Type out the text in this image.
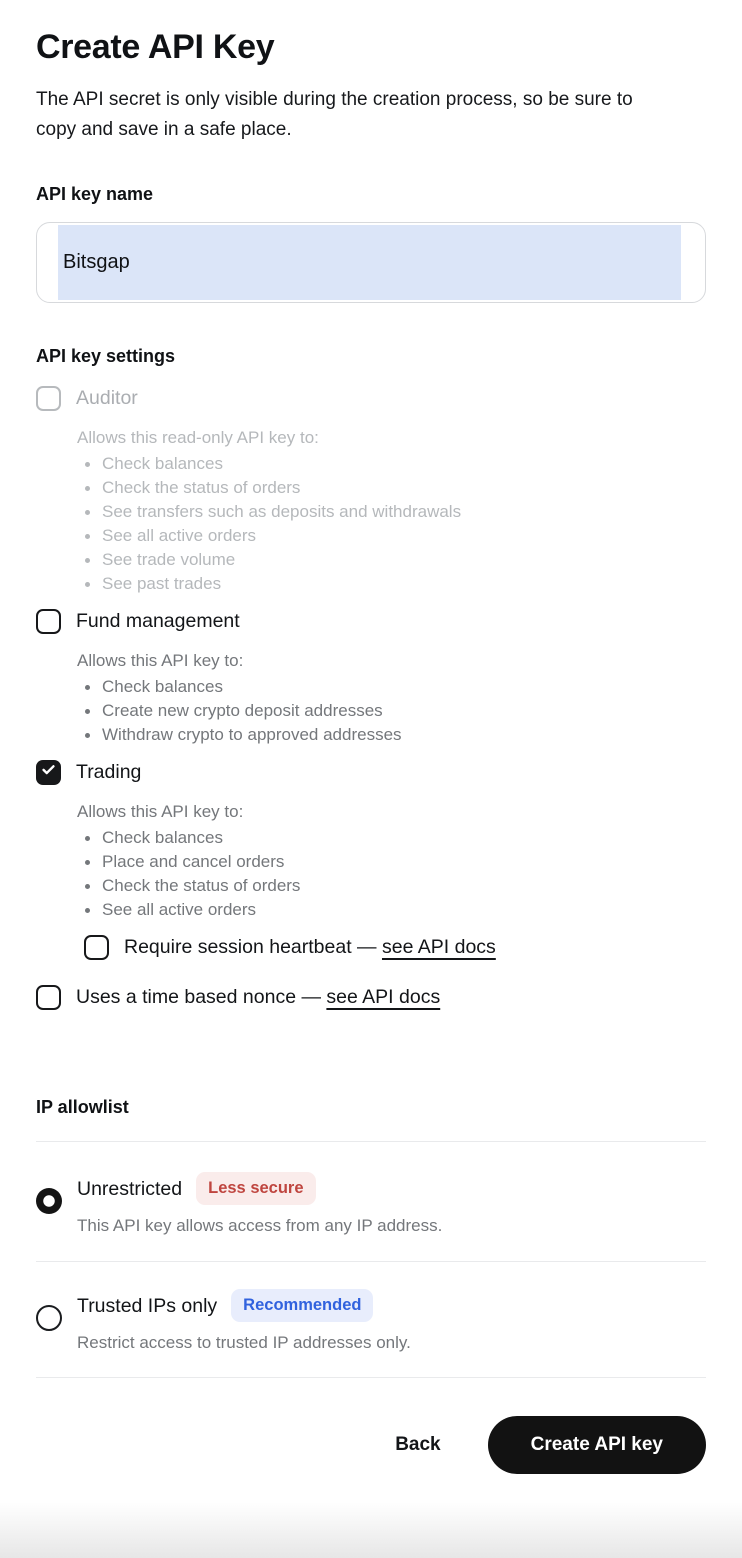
Create API Key

The API secret is only visible during the creation process, so be sure to copy and save in a safe place.

API key name
Bitsgap
API key settings
Auditor
Allows this read-only API key to:
Check balances
Check the status of orders
See transfers such as deposits and withdrawals
See all active orders
See trade volume
See past trades
Fund management
Allows this API key to:
Check balances
Create new crypto deposit addresses
Withdraw crypto to approved addresses
Trading
Allows this API key to:
Check balances
Place and cancel orders
Check the status of orders
See all active orders
Require session heartbeat — see API docs
Uses a time based nonce — see API docs
IP allowlist
Unrestricted	Less secure
This API key allows access from any IP address.
Trusted IPs only	Recommended
Restrict access to trusted IP addresses only.
Back	Create API key
